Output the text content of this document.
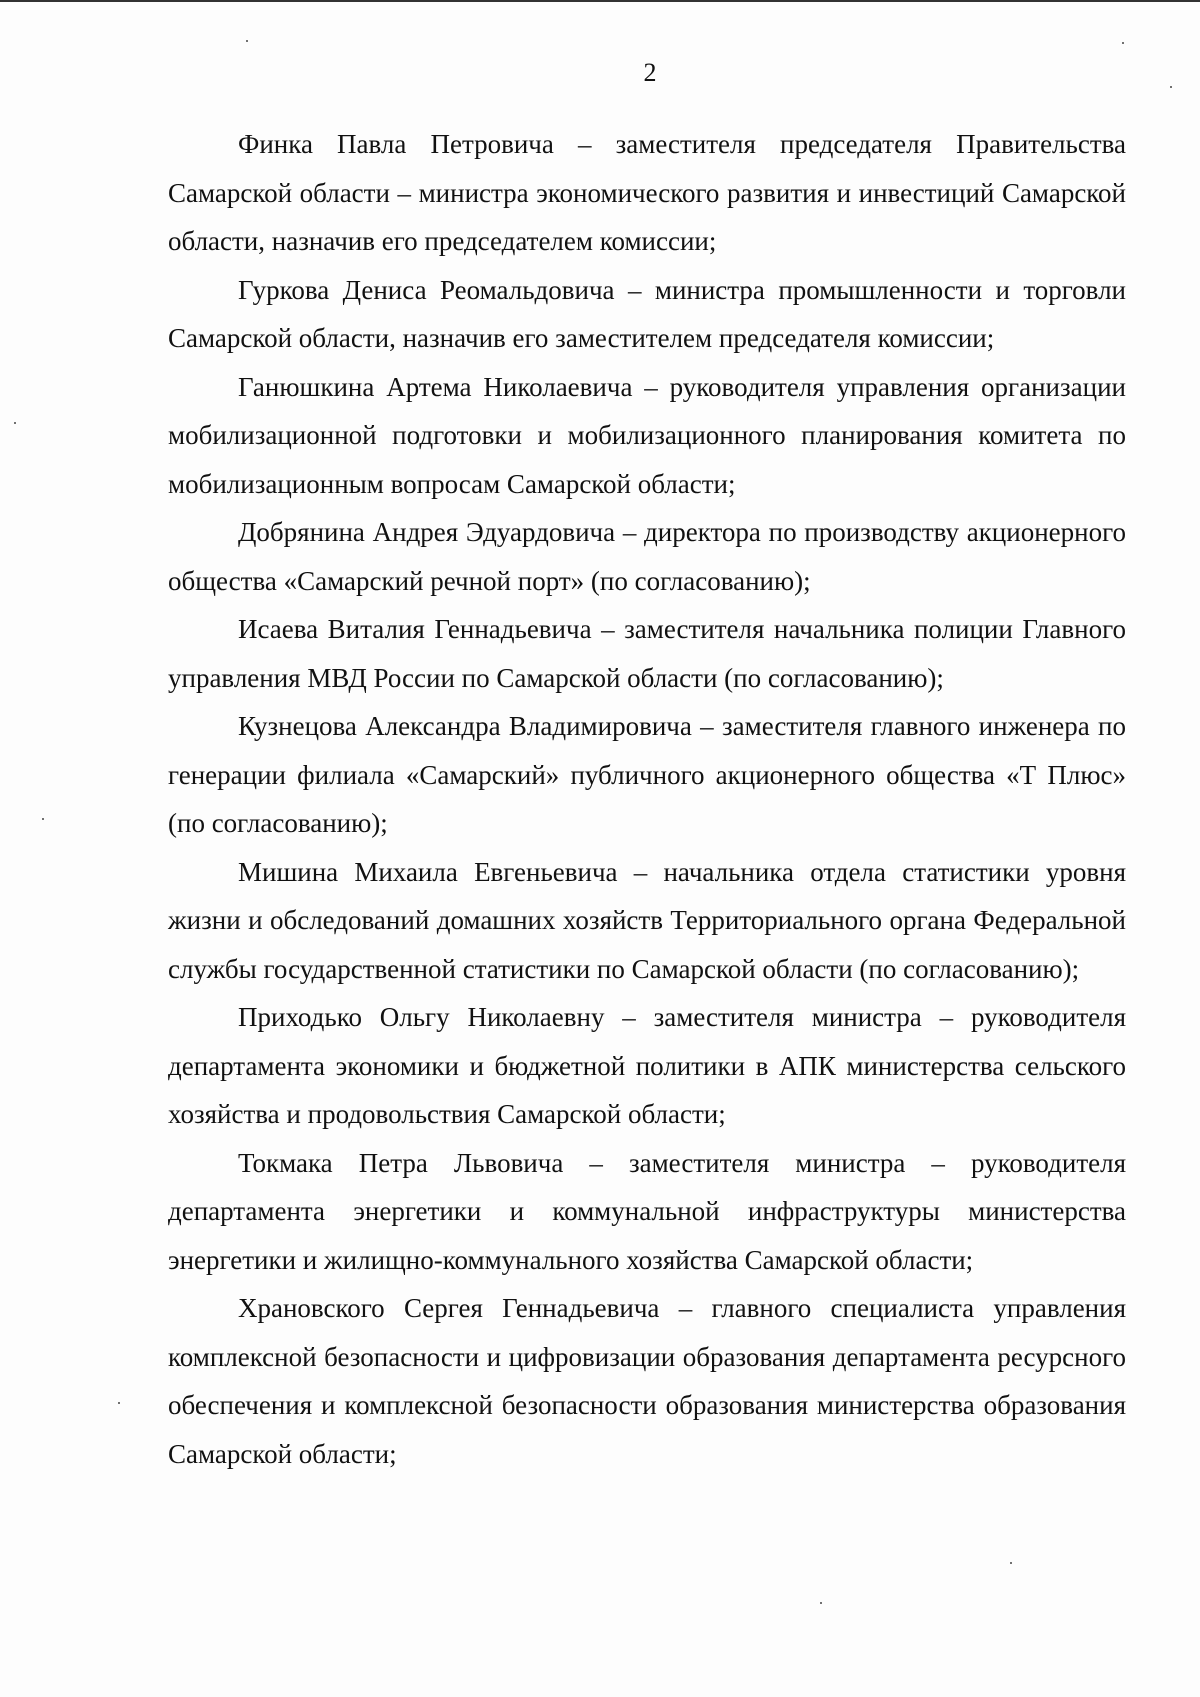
2

Финка Павла Петровича – заместителя председателя Правительства Самарской области – министра экономического развития и инвестиций Самарской области, назначив его председателем комиссии;

Гуркова Дениса Реомальдовича – министра промышленности и торговли Самарской области, назначив его заместителем председателя комиссии;

Ганюшкина Артема Николаевича – руководителя управления организации мобилизационной подготовки и мобилизационного планирования комитета по мобилизационным вопросам Самарской области;

Добрянина Андрея Эдуардовича – директора по производству акционерного общества «Самарский речной порт» (по согласованию);

Исаева Виталия Геннадьевича – заместителя начальника полиции Главного управления МВД России по Самарской области (по согласованию);

Кузнецова Александра Владимировича – заместителя главного инженера по генерации филиала «Самарский» публичного акционерного общества «Т Плюс» (по согласованию);

Мишина Михаила Евгеньевича – начальника отдела статистики уровня жизни и обследований домашних хозяйств Территориального органа Федеральной службы государственной статистики по Самарской области (по согласованию);

Приходько Ольгу Николаевну – заместителя министра – руководителя департамента экономики и бюджетной политики в АПК министерства сельского хозяйства и продовольствия Самарской области;

Токмака Петра Львовича – заместителя министра – руководителя департамента энергетики и коммунальной инфраструктуры министерства энергетики и жилищно-коммунального хозяйства Самарской области;

Храновского Сергея Геннадьевича – главного специалиста управления комплексной безопасности и цифровизации образования департамента ресурсного обеспечения и комплексной безопасности образования министерства образования Самарской области;
